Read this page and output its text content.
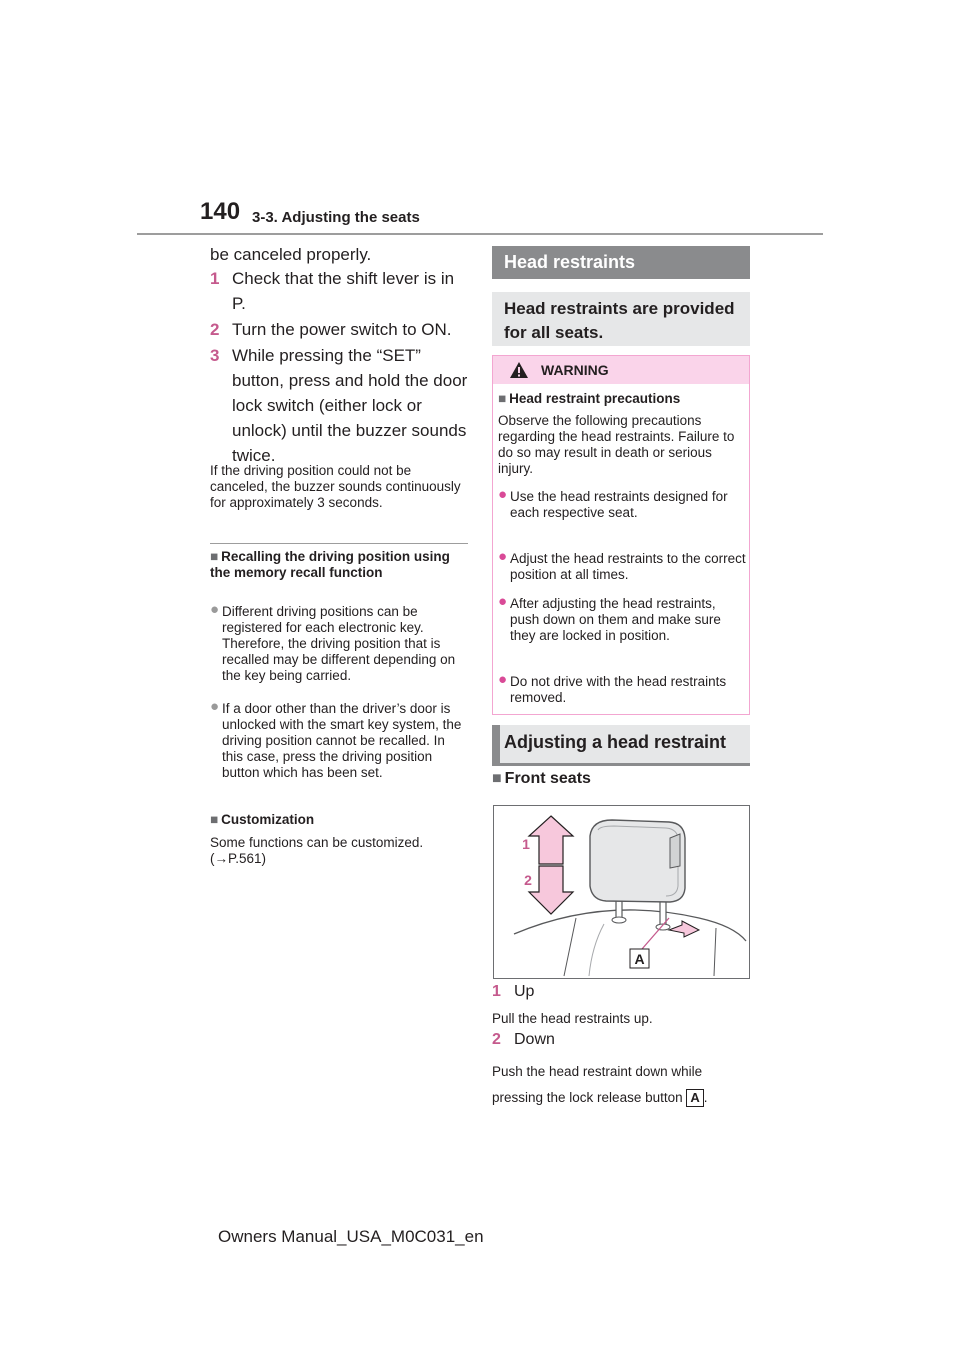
140 3-3. Adjusting the seats
be canceled properly.
1 Check that the shift lever is in P.
2 Turn the power switch to ON.
3 While pressing the “SET” button, press and hold the door lock switch (either lock or unlock) until the buzzer sounds twice.
If the driving position could not be canceled, the buzzer sounds continuously for approximately 3 seconds.
■ Recalling the driving position using the memory recall function
● Different driving positions can be registered for each electronic key. Therefore, the driving position that is recalled may be different depending on the key being carried.
● If a door other than the driver’s door is unlocked with the smart key system, the driving position cannot be recalled. In this case, press the driving position button which has been set.
■ Customization
Some functions can be customized.
(→P.561)
Head restraints
Head restraints are provided for all seats.
WARNING
■ Head restraint precautions
Observe the following precautions regarding the head restraints. Failure to do so may result in death or serious injury.
● Use the head restraints designed for each respective seat.
● Adjust the head restraints to the correct position at all times.
● After adjusting the head restraints, push down on them and make sure they are locked in position.
● Do not drive with the head restraints removed.
Adjusting a head restraint
■ Front seats
A
1
2
1 Up
Pull the head restraints up.
2 Down
Push the head restraint down while pressing the lock release button A .
Owners Manual_USA_M0C031_en
